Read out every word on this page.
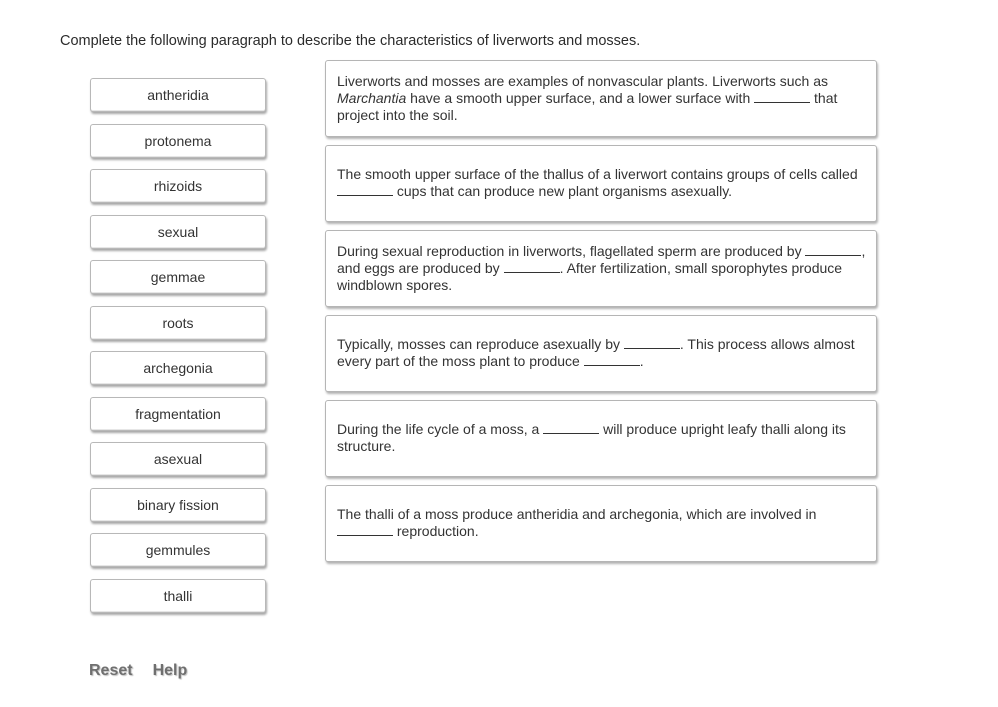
Complete the following paragraph to describe the characteristics of liverworts and mosses.
antheridia
protonema
rhizoids
sexual
gemmae
roots
archegonia
fragmentation
asexual
binary fission
gemmules
thalli
Liverworts and mosses are examples of nonvascular plants. Liverworts such as Marchantia have a smooth upper surface, and a lower surface with	that project into the soil.
The smooth upper surface of the thallus of a liverwort contains groups of cells called  cups that can produce new plant organisms asexually.
During sexual reproduction in liverworts, flagellated sperm are produced by	, and eggs are produced by	. After fertilization, small sporophytes produce windblown spores.
Typically, mosses can reproduce asexually by	. This process allows almost every part of the moss plant to produce	.
During the life cycle of a moss, a	will produce upright leafy thalli along its structure.
The thalli of a moss produce antheridia and archegonia, which are involved in  reproduction.
Reset Help
